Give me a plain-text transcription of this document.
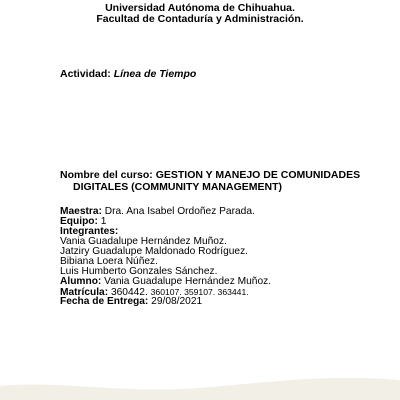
Universidad Autónoma de Chihuahua.
Facultad de Contaduría y Administración.
Actividad: Línea de Tiempo
Nombre del curso: GESTION Y MANEJO DE COMUNIDADES
DIGITALES (COMMUNITY MANAGEMENT)
Maestra: Dra. Ana Isabel Ordoñez Parada.
Equipo: 1
Integrantes:
Vania Guadalupe Hernández Muñoz.
Jatziry Guadalupe Maldonado Rodríguez.
Bibiana Loera Núñez.
Luis Humberto Gonzales Sánchez.
Alumno: Vania Guadalupe Hernández Muñoz.
Matrícula: 360442. 360107. 359107. 363441.
Fecha de Entrega: 29/08/2021
